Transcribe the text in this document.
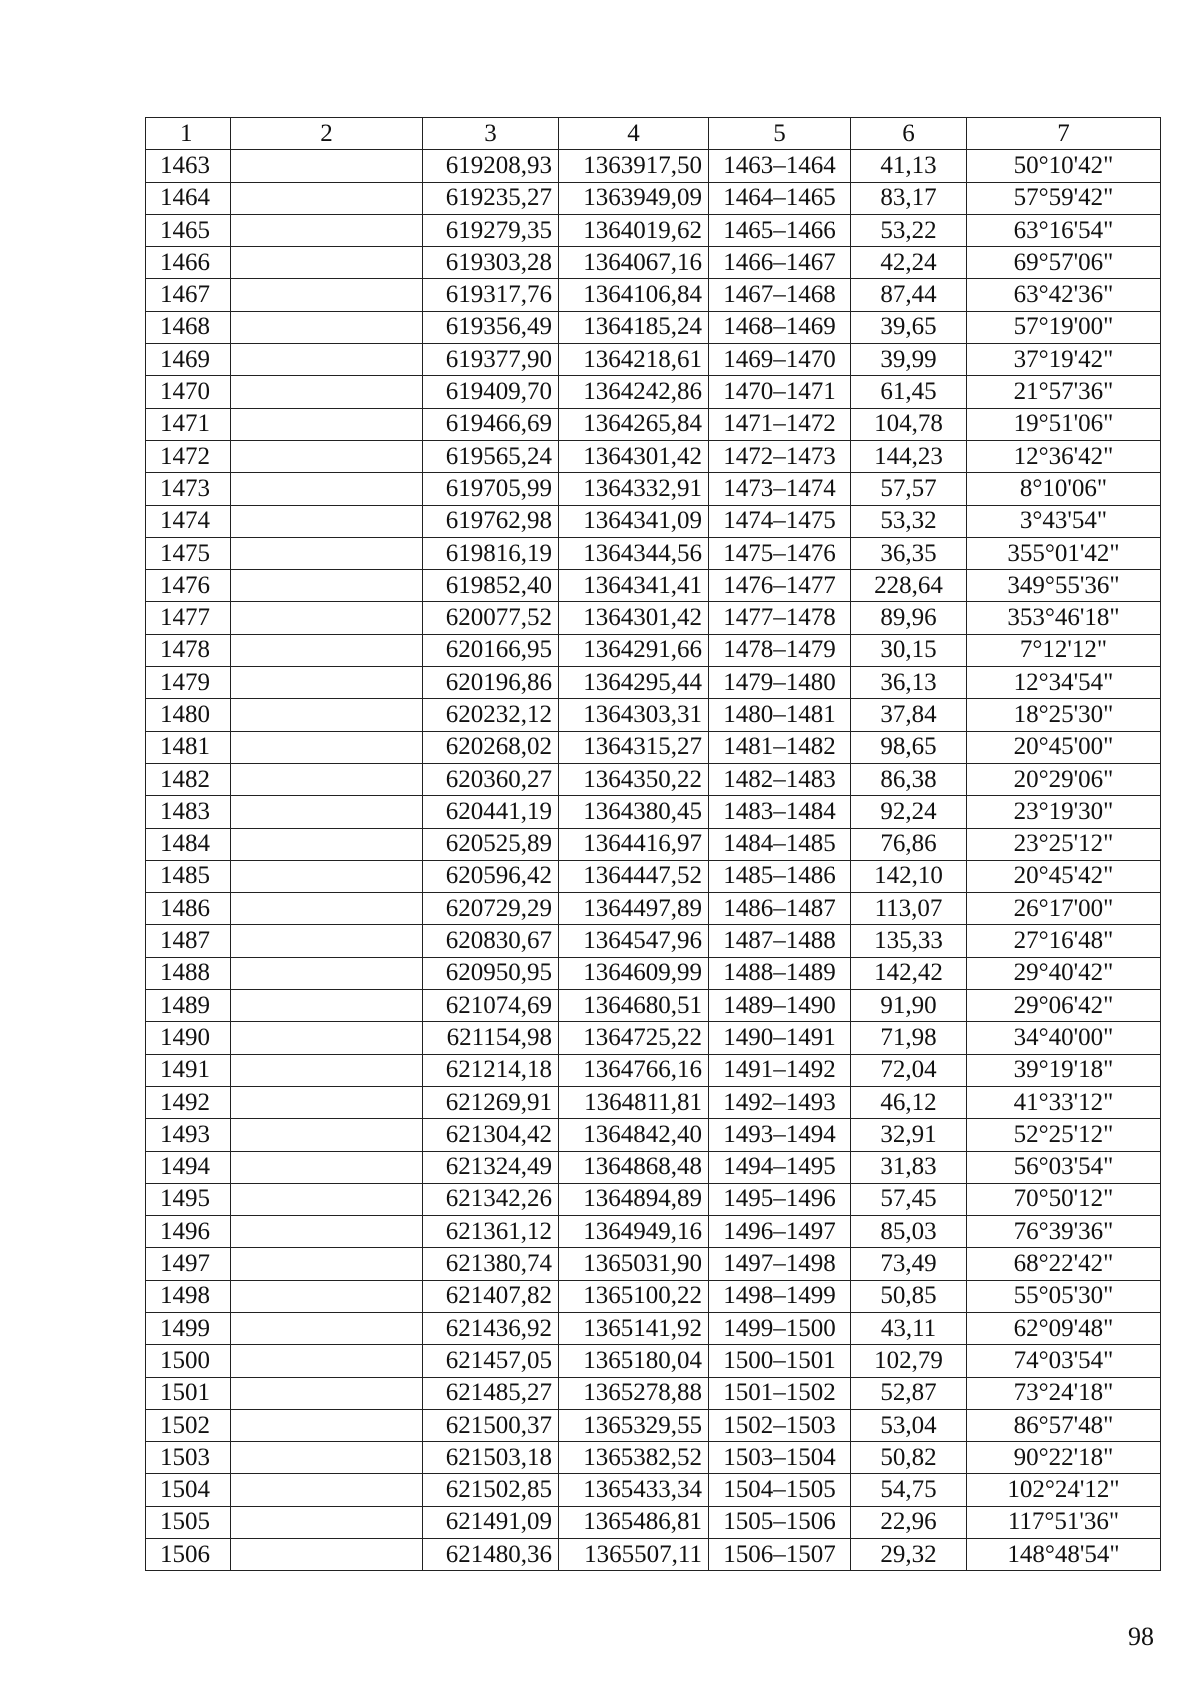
1	2	3	4	5	6	7
1463		619208,93	1363917,50	1463–1464	41,13	50°10'42"
1464		619235,27	1363949,09	1464–1465	83,17	57°59'42"
1465		619279,35	1364019,62	1465–1466	53,22	63°16'54"
1466		619303,28	1364067,16	1466–1467	42,24	69°57'06"
1467		619317,76	1364106,84	1467–1468	87,44	63°42'36"
1468		619356,49	1364185,24	1468–1469	39,65	57°19'00"
1469		619377,90	1364218,61	1469–1470	39,99	37°19'42"
1470		619409,70	1364242,86	1470–1471	61,45	21°57'36"
1471		619466,69	1364265,84	1471–1472	104,78	19°51'06"
1472		619565,24	1364301,42	1472–1473	144,23	12°36'42"
1473		619705,99	1364332,91	1473–1474	57,57	8°10'06"
1474		619762,98	1364341,09	1474–1475	53,32	3°43'54"
1475		619816,19	1364344,56	1475–1476	36,35	355°01'42"
1476		619852,40	1364341,41	1476–1477	228,64	349°55'36"
1477		620077,52	1364301,42	1477–1478	89,96	353°46'18"
1478		620166,95	1364291,66	1478–1479	30,15	7°12'12"
1479		620196,86	1364295,44	1479–1480	36,13	12°34'54"
1480		620232,12	1364303,31	1480–1481	37,84	18°25'30"
1481		620268,02	1364315,27	1481–1482	98,65	20°45'00"
1482		620360,27	1364350,22	1482–1483	86,38	20°29'06"
1483		620441,19	1364380,45	1483–1484	92,24	23°19'30"
1484		620525,89	1364416,97	1484–1485	76,86	23°25'12"
1485		620596,42	1364447,52	1485–1486	142,10	20°45'42"
1486		620729,29	1364497,89	1486–1487	113,07	26°17'00"
1487		620830,67	1364547,96	1487–1488	135,33	27°16'48"
1488		620950,95	1364609,99	1488–1489	142,42	29°40'42"
1489		621074,69	1364680,51	1489–1490	91,90	29°06'42"
1490		621154,98	1364725,22	1490–1491	71,98	34°40'00"
1491		621214,18	1364766,16	1491–1492	72,04	39°19'18"
1492		621269,91	1364811,81	1492–1493	46,12	41°33'12"
1493		621304,42	1364842,40	1493–1494	32,91	52°25'12"
1494		621324,49	1364868,48	1494–1495	31,83	56°03'54"
1495		621342,26	1364894,89	1495–1496	57,45	70°50'12"
1496		621361,12	1364949,16	1496–1497	85,03	76°39'36"
1497		621380,74	1365031,90	1497–1498	73,49	68°22'42"
1498		621407,82	1365100,22	1498–1499	50,85	55°05'30"
1499		621436,92	1365141,92	1499–1500	43,11	62°09'48"
1500		621457,05	1365180,04	1500–1501	102,79	74°03'54"
1501		621485,27	1365278,88	1501–1502	52,87	73°24'18"
1502		621500,37	1365329,55	1502–1503	53,04	86°57'48"
1503		621503,18	1365382,52	1503–1504	50,82	90°22'18"
1504		621502,85	1365433,34	1504–1505	54,75	102°24'12"
1505		621491,09	1365486,81	1505–1506	22,96	117°51'36"
1506		621480,36	1365507,11	1506–1507	29,32	148°48'54"
98
